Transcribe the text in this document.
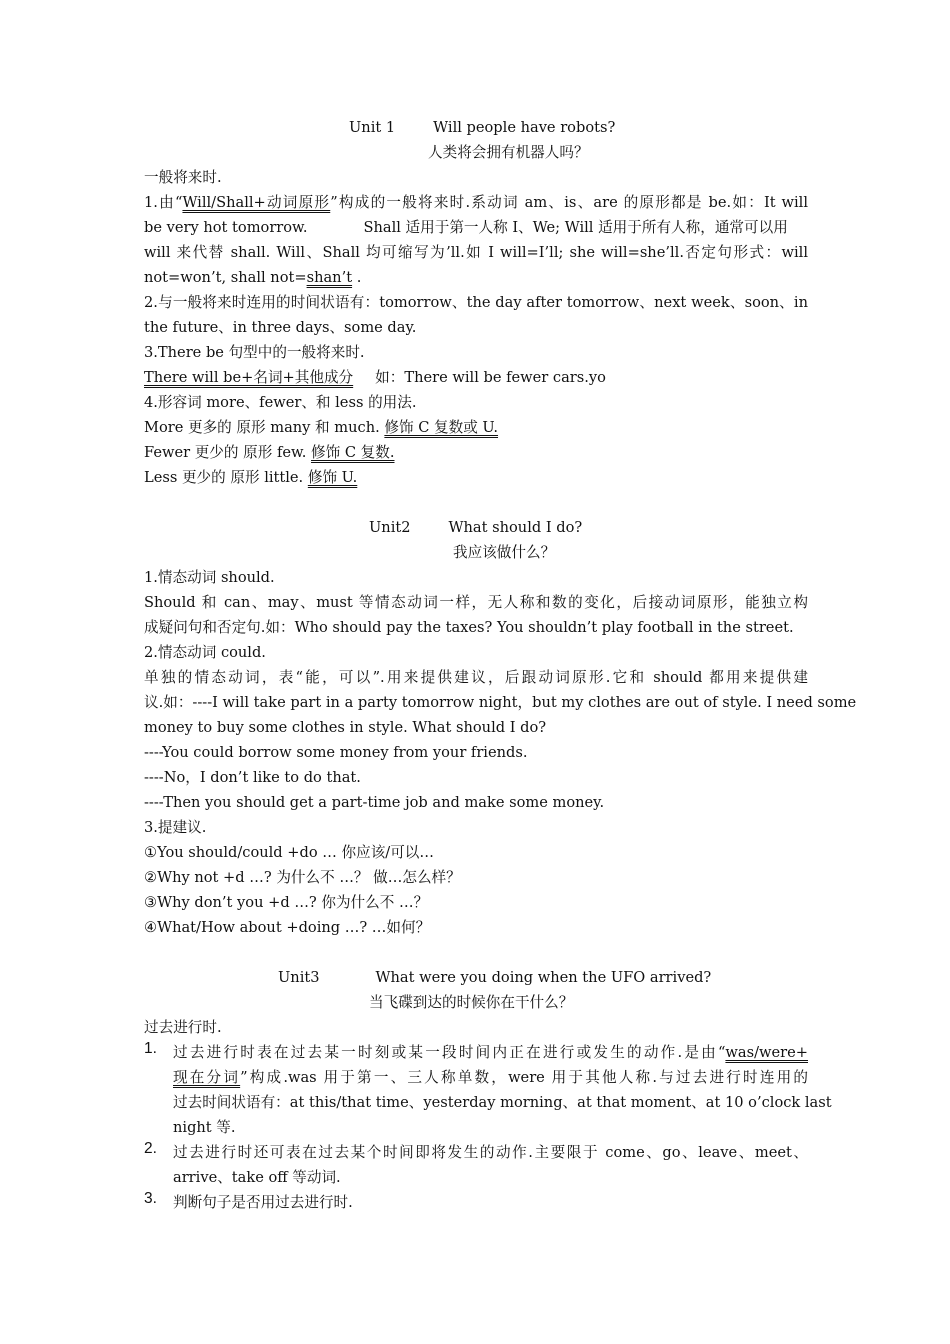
Unit 1	Will people have robots?
人类将会拥有机器人吗？
一般将来时.
1.由“Will/Shall+动词原形”构成的一般将来时.系动词 am、is、are 的原形都是 be.如：It will
be very hot tomorrow.	Shall 适用于第一人称 I、We; Will 适用于所有人称，通常可以用
will 来代替 shall. Will、Shall 均可缩写为’ll.如 I will=I’ll; she will=she’ll.否定句形式：will
not=won’t, shall not=shan’t .
2.与一般将来时连用的时间状语有：tomorrow、the day after tomorrow、next week、soon、in
the future、in three days、some day.
3.There be 句型中的一般将来时.
There will be+名词+其他成分 如：There will be fewer cars.yo
4.形容词 more、fewer、和 less 的用法.
More 更多的 原形 many 和 much. 修饰 C 复数或 U.
Fewer 更少的 原形 few. 修饰 C 复数.
Less 更少的 原形 little. 修饰 U.
Unit2	What should I do?
我应该做什么？
1.情态动词 should.
Should 和 can、may、must 等情态动词一样，无人称和数的变化，后接动词原形，能独立构
成疑问句和否定句.如：Who should pay the taxes? You shouldn’t play football in the street.
2.情态动词 could.
单独的情态动词，表“能，可以”.用来提供建议，后跟动词原形.它和 should 都用来提供建
议.如：----I will take part in a party tomorrow night，but my clothes are out of style. I need some
money to buy some clothes in style. What should I do?
----You could borrow some money from your friends.
----No，I don’t like to do that.
----Then you should get a part-time job and make some money.
3.提建议.
①You should/could +do … 你应该/可以…
②Why not +d …? 为什么不 …？ 做…怎么样？
③Why don’t you +d …? 你为什么不 …？
④What/How about +doing …? …如何？
Unit3	What were you doing when the UFO arrived?
当飞碟到达的时候你在干什么？
过去进行时.
1.	过去进行时表在过去某一时刻或某一段时间内正在进行或发生的动作.是由“was/were+
现在分词”构成.was 用于第一、三人称单数，were 用于其他人称.与过去进行时连用的
过去时间状语有：at this/that time、yesterday morning、at that moment、at 10 o’clock last
night 等.
2.	过去进行时还可表在过去某个时间即将发生的动作.主要限于 come、go、leave、meet、
arrive、take off 等动词.
3.	判断句子是否用过去进行时.
